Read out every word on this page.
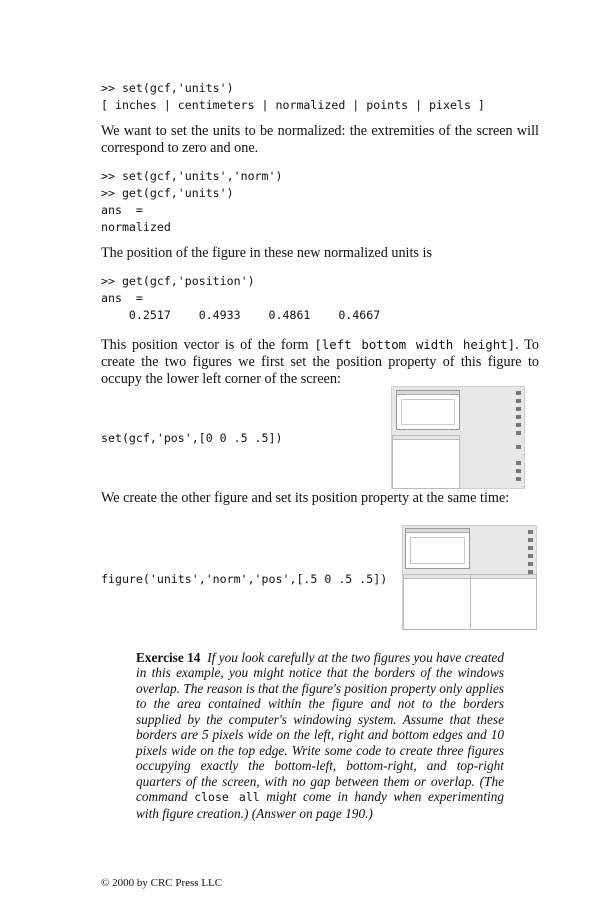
>> set(gcf,'units')
[ inches | centimeters | normalized | points | pixels ]
We want to set the units to be normalized: the extremities of the screen will correspond to zero and one.
>> set(gcf,'units','norm')
>> get(gcf,'units')
ans  =
normalized
The position of the figure in these new normalized units is
>> get(gcf,'position')
ans  =
0.2517    0.4933    0.4861    0.4667
This position vector is of the form [left bottom width height]. To create the two figures we first set the position property of this figure to occupy the lower left corner of the screen:
set(gcf,'pos',[0 0 .5 .5])
We create the other figure and set its position property at the same time:
figure('units','norm','pos',[.5 0 .5 .5])
Exercise 14 If you look carefully at the two figures you have created in this example, you might notice that the borders of the windows overlap. The reason is that the figure's position property only applies to the area contained within the figure and not to the borders supplied by the computer's windowing system. Assume that these borders are 5 pixels wide on the left, right and bottom edges and 10 pixels wide on the top edge. Write some code to create three figures occupying exactly the bottom-left, bottom-right, and top-right quarters of the screen, with no gap between them or overlap. (The command close all might come in handy when experimenting with figure creation.) (Answer on page 190.)
© 2000 by CRC Press LLC
